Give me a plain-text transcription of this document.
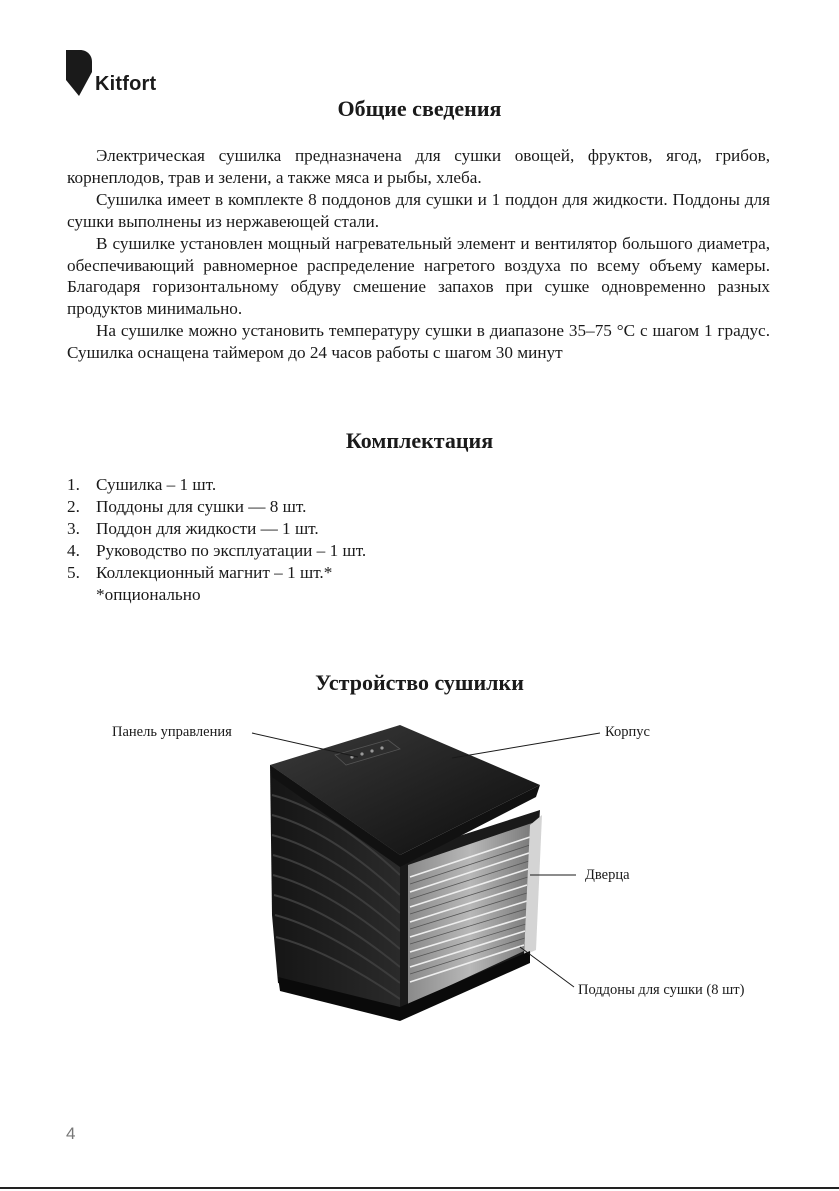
Kitfort
Общие сведения

Электрическая сушилка предназначена для сушки овощей, фруктов, ягод, грибов, корнеплодов, трав и зелени, а также мяса и рыбы, хлеба.

Сушилка имеет в комплекте 8 поддонов для сушки и 1 поддон для жидкости. Поддоны для сушки выполнены из нержавеющей стали.

В сушилке установлен мощный нагревательный элемент и вентилятор большого диаметра, обеспечивающий равномерное распределение нагретого воздуха по всему объему камеры. Благодаря горизонтальному обдуву смешение запахов при сушке одновременно разных продуктов минимально.

На сушилке можно установить температуру сушки в диапазоне 35–75 °С с шагом 1 градус. Сушилка оснащена таймером до 24 часов работы с шагом 30 минут

Комплектация
1. Сушилка – 1 шт.
2. Поддоны для сушки — 8 шт.
3. Поддон для жидкости — 1 шт.
4. Руководство по эксплуатации – 1 шт.
5. Коллекционный магнит – 1 шт.*
*опционально
Устройство сушилки
Панель управления	Корпус
Дверца
Поддоны для сушки (8 шт)
4
